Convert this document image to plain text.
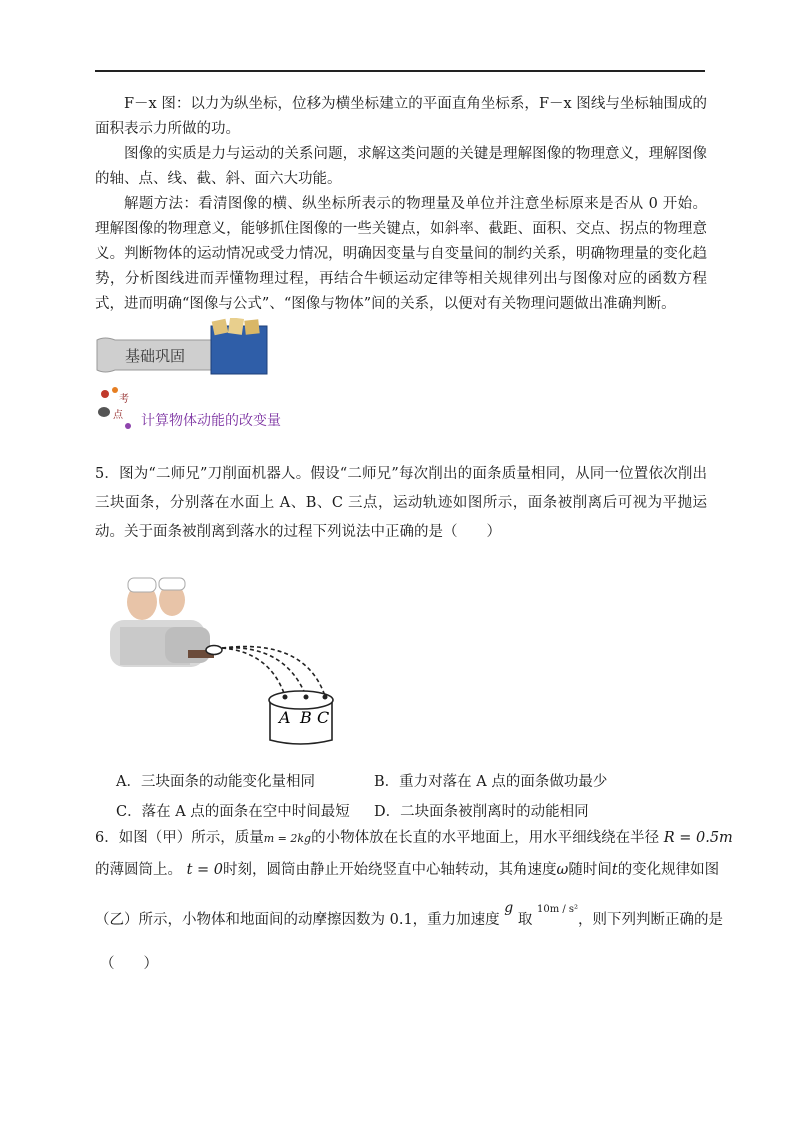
F－x 图：以力为纵坐标，位移为横坐标建立的平面直角坐标系，F－x 图线与坐标轴围成的面积表示力所做的功。

图像的实质是力与运动的关系问题，求解这类问题的关键是理解图像的物理意义，理解图像的轴、点、线、截、斜、面六大功能。

解题方法：看清图像的横、纵坐标所表示的物理量及单位并注意坐标原来是否从 0 开始。理解图像的物理意义，能够抓住图像的一些关键点，如斜率、截距、面积、交点、拐点的物理意义。判断物体的运动情况或受力情况，明确因变量与自变量间的制约关系，明确物理量的变化趋势，分析图线进而弄懂物理过程，再结合牛顿运动定律等相关规律列出与图像对应的函数方程式，进而明确“图像与公式”、“图像与物体”间的关系，以便对有关物理问题做出准确判断。

基础巩固
考
点 计算物体动能的改变量

5．图为“二师兄”刀削面机器人。假设“二师兄”每次削出的面条质量相同，从同一位置依次削出三块面条，分别落在水面上 A、B、C 三点，运动轨迹如图所示，面条被削离后可视为平抛运动。关于面条被削离到落水的过程下列说法中正确的是（　　）

A B C
A．三块面条的动能变化量相同	B．重力对落在 A 点的面条做功最少
C．落在 A 点的面条在空中时间最短 D．二块面条被削离时的动能相同
6．如图（甲）所示，质量m = 2kg的小物体放在长直的水平地面上，用水平细线绕在半径 R = 0.5m
的薄圆筒上。 t = 0时刻，圆筒由静止开始绕竖直中心轴转动，其角速度ω随时间t的变化规律如图
（乙）所示，小物体和地面间的动摩擦因数为 0.1，重力加速度 g 取 $^{10m / s^2}$，则下列判断正确的是
（　　）
